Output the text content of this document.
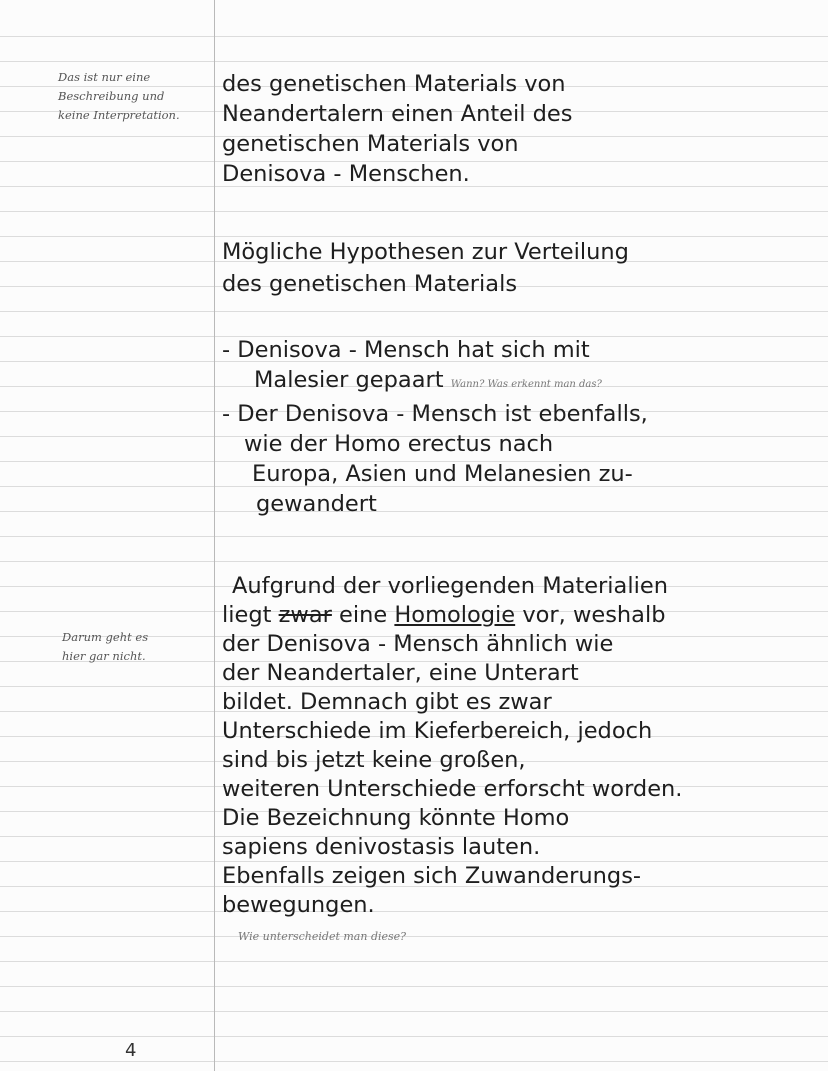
Das ist nur eine
Beschreibung und
keine Interpretation.
Darum geht es
hier gar nicht.
des genetischen Materials von
Neandertalern einen Anteil des
genetischen Materials von
Denisova - Menschen.
Mögliche Hypothesen zur Verteilung
des genetischen Materials
- Denisova - Mensch hat sich mit
Malesier gepaart Wann? Was erkennt man das?
- Der Denisova - Mensch ist ebenfalls,
wie der Homo erectus nach
Europa, Asien und Melanesien zu-
gewandert
Aufgrund der vorliegenden Materialien
liegt zwar eine Homologie vor, weshalb
der Denisova - Mensch ähnlich wie
der Neandertaler, eine Unterart
bildet. Demnach gibt es zwar
Unterschiede im Kieferbereich, jedoch
sind bis jetzt keine großen,
weiteren Unterschiede erforscht worden.
Die Bezeichnung könnte Homo
sapiens denivostasis lauten.
Ebenfalls zeigen sich Zuwanderungs-
bewegungen.
Wie unterscheidet man diese?
4
